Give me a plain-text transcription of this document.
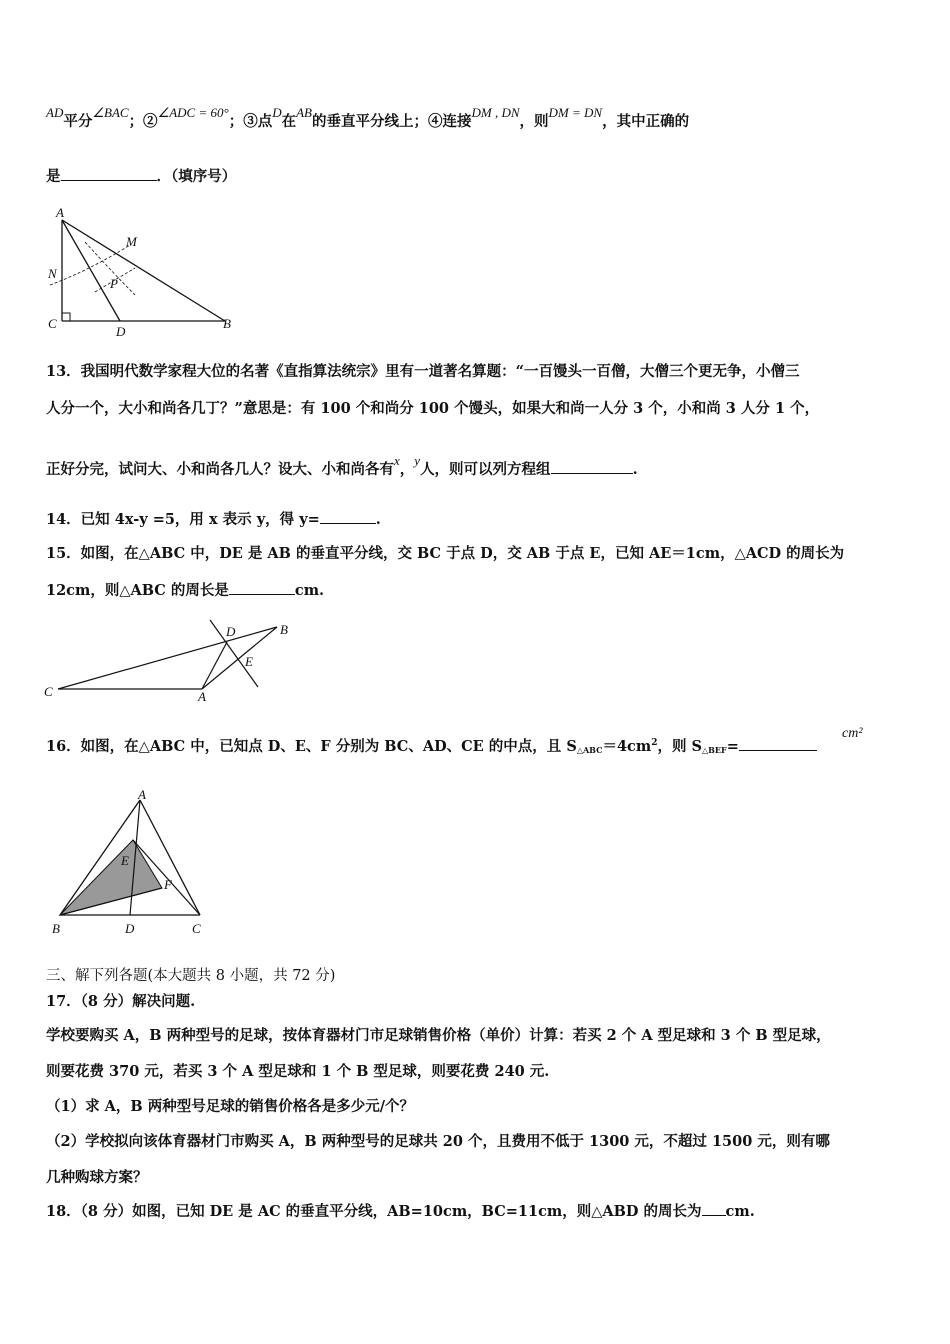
AD平分∠BAC；②∠ADC = 60°；③点D在AB的垂直平分线上；④连接DM , DN，则DM = DN，其中正确的
是	．（填序号）
A
M
N
P
C
D
B
13．我国明代数学家程大位的名著《直指算法统宗》里有一道著名算题：“一百馒头一百僧，大僧三个更无争，小僧三
人分一个，大小和尚各几丁？”意思是：有 100 个和尚分 100 个馒头，如果大和尚一人分 3 个，小和尚 3 人分 1 个，
正好分完，试问大、小和尚各几人？设大、小和尚各有x，y人，则可以列方程组	.
14．已知 4x-y =5，用 x 表示 y，得 y=	.
15．如图，在△ABC 中，DE 是 AB 的垂直平分线，交 BC 于点 D，交 AB 于点 E，已知 AE＝1cm，△ACD 的周长为
12cm，则△ABC 的周长是	cm.
D	B
E
C	A
16．如图，在△ABC 中，已知点 D、E、F 分别为 BC、AD、CE 的中点，且 $S_{\triangle ABC}=4cm^2$，则 $S_{\triangle BEF}=$
cm²
A
E
F
B	D	C
三、解下列各题(本大题共 8 小题，共 72 分)
17．（8 分）解决问题.
学校要购买 A，B 两种型号的足球，按体育器材门市足球销售价格（单价）计算：若买 2 个 A 型足球和 3 个 B 型足球，
则要花费 370 元，若买 3 个 A 型足球和 1 个 B 型足球，则要花费 240 元.
（1）求 A，B 两种型号足球的销售价格各是多少元/个？
（2）学校拟向该体育器材门市购买 A，B 两种型号的足球共 20 个，且费用不低于 1300 元，不超过 1500 元，则有哪
几种购球方案？
18．（8 分）如图，已知 DE 是 AC 的垂直平分线，AB=10cm，BC=11cm，则△ABD 的周长为 cm.
